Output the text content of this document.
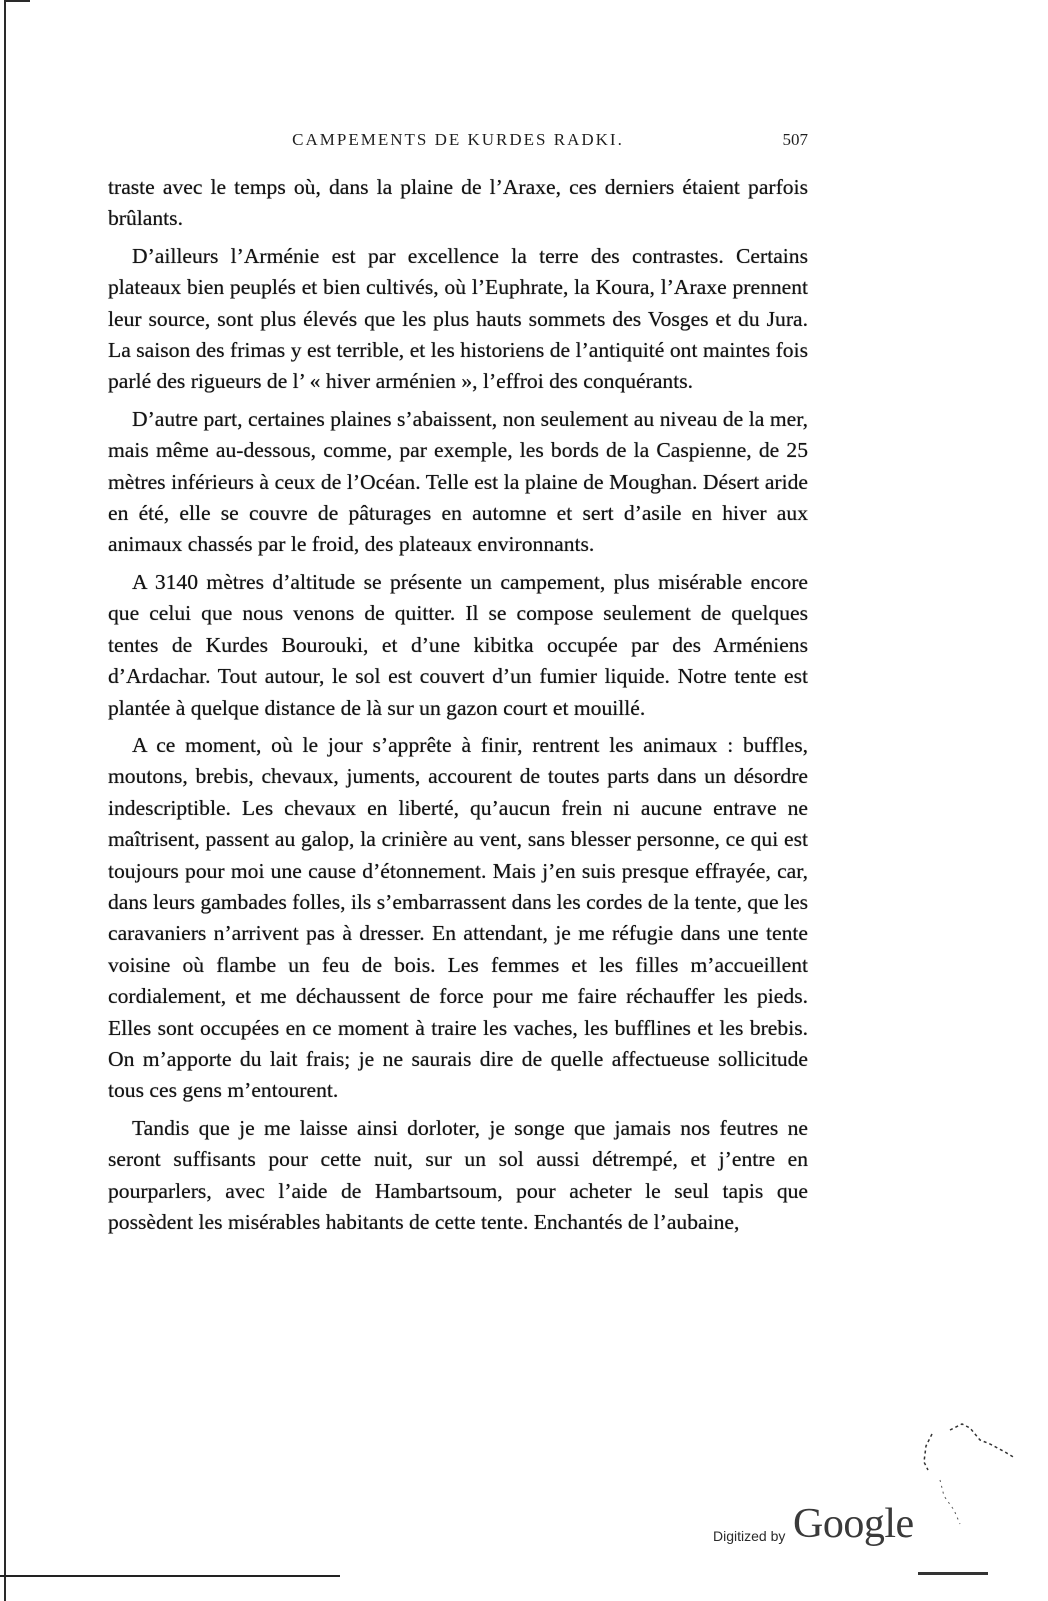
CAMPEMENTS DE KURDES RADKI.	507

traste avec le temps où, dans la plaine de l’Araxe, ces derniers étaient parfois brûlants.

D’ailleurs l’Arménie est par excellence la terre des contrastes. Certains plateaux bien peuplés et bien cultivés, où l’Euphrate, la Koura, l’Araxe prennent leur source, sont plus élevés que les plus hauts sommets des Vosges et du Jura. La saison des frimas y est terrible, et les historiens de l’antiquité ont maintes fois parlé des rigueurs de l’ « hiver arménien », l’effroi des conquérants.

D’autre part, certaines plaines s’abaissent, non seulement au niveau de la mer, mais même au-dessous, comme, par exemple, les bords de la Caspienne, de 25 mètres inférieurs à ceux de l’Océan. Telle est la plaine de Moughan. Désert aride en été, elle se couvre de pâturages en automne et sert d’asile en hiver aux animaux chassés par le froid, des plateaux environnants.

A 3140 mètres d’altitude se présente un campement, plus misérable encore que celui que nous venons de quitter. Il se compose seulement de quelques tentes de Kurdes Bourouki, et d’une kibitka occupée par des Arméniens d’Ardachar. Tout autour, le sol est couvert d’un fumier liquide. Notre tente est plantée à quelque distance de là sur un gazon court et mouillé.

A ce moment, où le jour s’apprête à finir, rentrent les animaux : buffles, moutons, brebis, chevaux, juments, accourent de toutes parts dans un désordre indescriptible. Les chevaux en liberté, qu’aucun frein ni aucune entrave ne maîtrisent, passent au galop, la crinière au vent, sans blesser personne, ce qui est toujours pour moi une cause d’étonnement. Mais j’en suis presque effrayée, car, dans leurs gambades folles, ils s’embarrassent dans les cordes de la tente, que les caravaniers n’arrivent pas à dresser. En attendant, je me réfugie dans une tente voisine où flambe un feu de bois. Les femmes et les filles m’accueillent cordialement, et me déchaussent de force pour me faire réchauffer les pieds. Elles sont occupées en ce moment à traire les vaches, les bufflines et les brebis. On m’apporte du lait frais; je ne saurais dire de quelle affectueuse sollicitude tous ces gens m’entourent.

Tandis que je me laisse ainsi dorloter, je songe que jamais nos feutres ne seront suffisants pour cette nuit, sur un sol aussi détrempé, et j’entre en pourparlers, avec l’aide de Hambartsoum, pour acheter le seul tapis que possèdent les misérables habitants de cette tente. Enchantés de l’aubaine,

Digitized by Google
